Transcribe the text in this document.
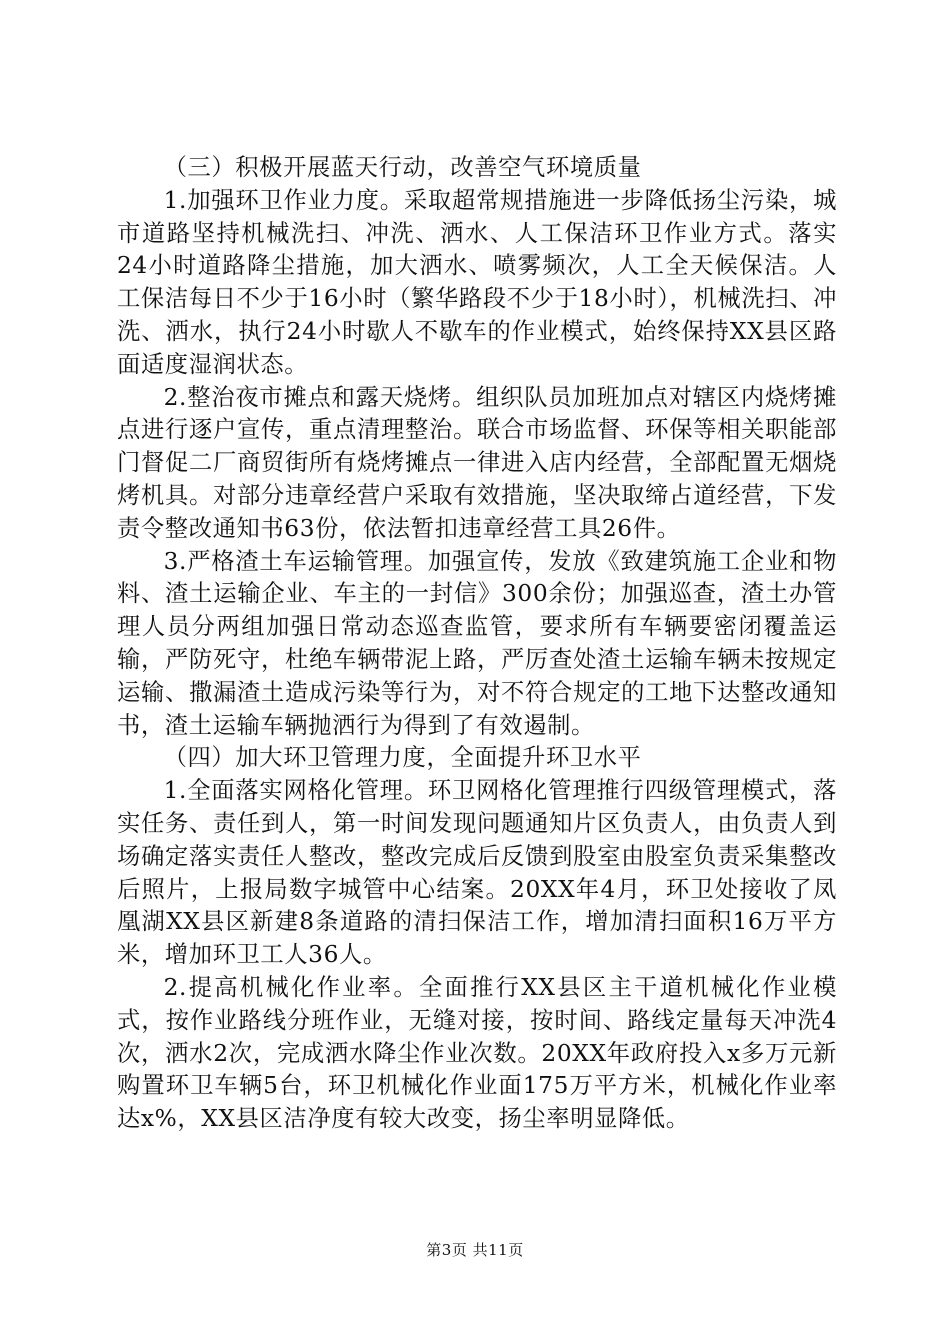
（三）积极开展蓝天行动，改善空气环境质量

1.加强环卫作业力度。采取超常规措施进一步降低扬尘污染，城市道路坚持机械洗扫、冲洗、洒水、人工保洁环卫作业方式。落实24小时道路降尘措施，加大洒水、喷雾频次，人工全天候保洁。人工保洁每日不少于16小时（繁华路段不少于18小时），机械洗扫、冲洗、洒水，执行24小时歇人不歇车的作业模式，始终保持XX县区路面适度湿润状态。

2.整治夜市摊点和露天烧烤。组织队员加班加点对辖区内烧烤摊点进行逐户宣传，重点清理整治。联合市场监督、环保等相关职能部门督促二厂商贸街所有烧烤摊点一律进入店内经营，全部配置无烟烧烤机具。对部分违章经营户采取有效措施，坚决取缔占道经营，下发责令整改通知书63份，依法暂扣违章经营工具26件。

3.严格渣土车运输管理。加强宣传，发放《致建筑施工企业和物料、渣土运输企业、车主的一封信》300余份；加强巡查，渣土办管理人员分两组加强日常动态巡查监管，要求所有车辆要密闭覆盖运输，严防死守，杜绝车辆带泥上路，严厉查处渣土运输车辆未按规定运输、撒漏渣土造成污染等行为，对不符合规定的工地下达整改通知书，渣土运输车辆抛洒行为得到了有效遏制。

（四）加大环卫管理力度，全面提升环卫水平

1.全面落实网格化管理。环卫网格化管理推行四级管理模式，落实任务、责任到人，第一时间发现问题通知片区负责人，由负责人到场确定落实责任人整改，整改完成后反馈到股室由股室负责采集整改后照片，上报局数字城管中心结案。20XX年4月，环卫处接收了凤凰湖XX县区新建8条道路的清扫保洁工作，增加清扫面积16万平方米，增加环卫工人36人。

2.提高机械化作业率。全面推行XX县区主干道机械化作业模式，按作业路线分班作业，无缝对接，按时间、路线定量每天冲洗4次，洒水2次，完成洒水降尘作业次数。20XX年政府投入x多万元新购置环卫车辆5台，环卫机械化作业面175万平方米，机械化作业率达x%，XX县区洁净度有较大改变，扬尘率明显降低。

第3页 共11页
